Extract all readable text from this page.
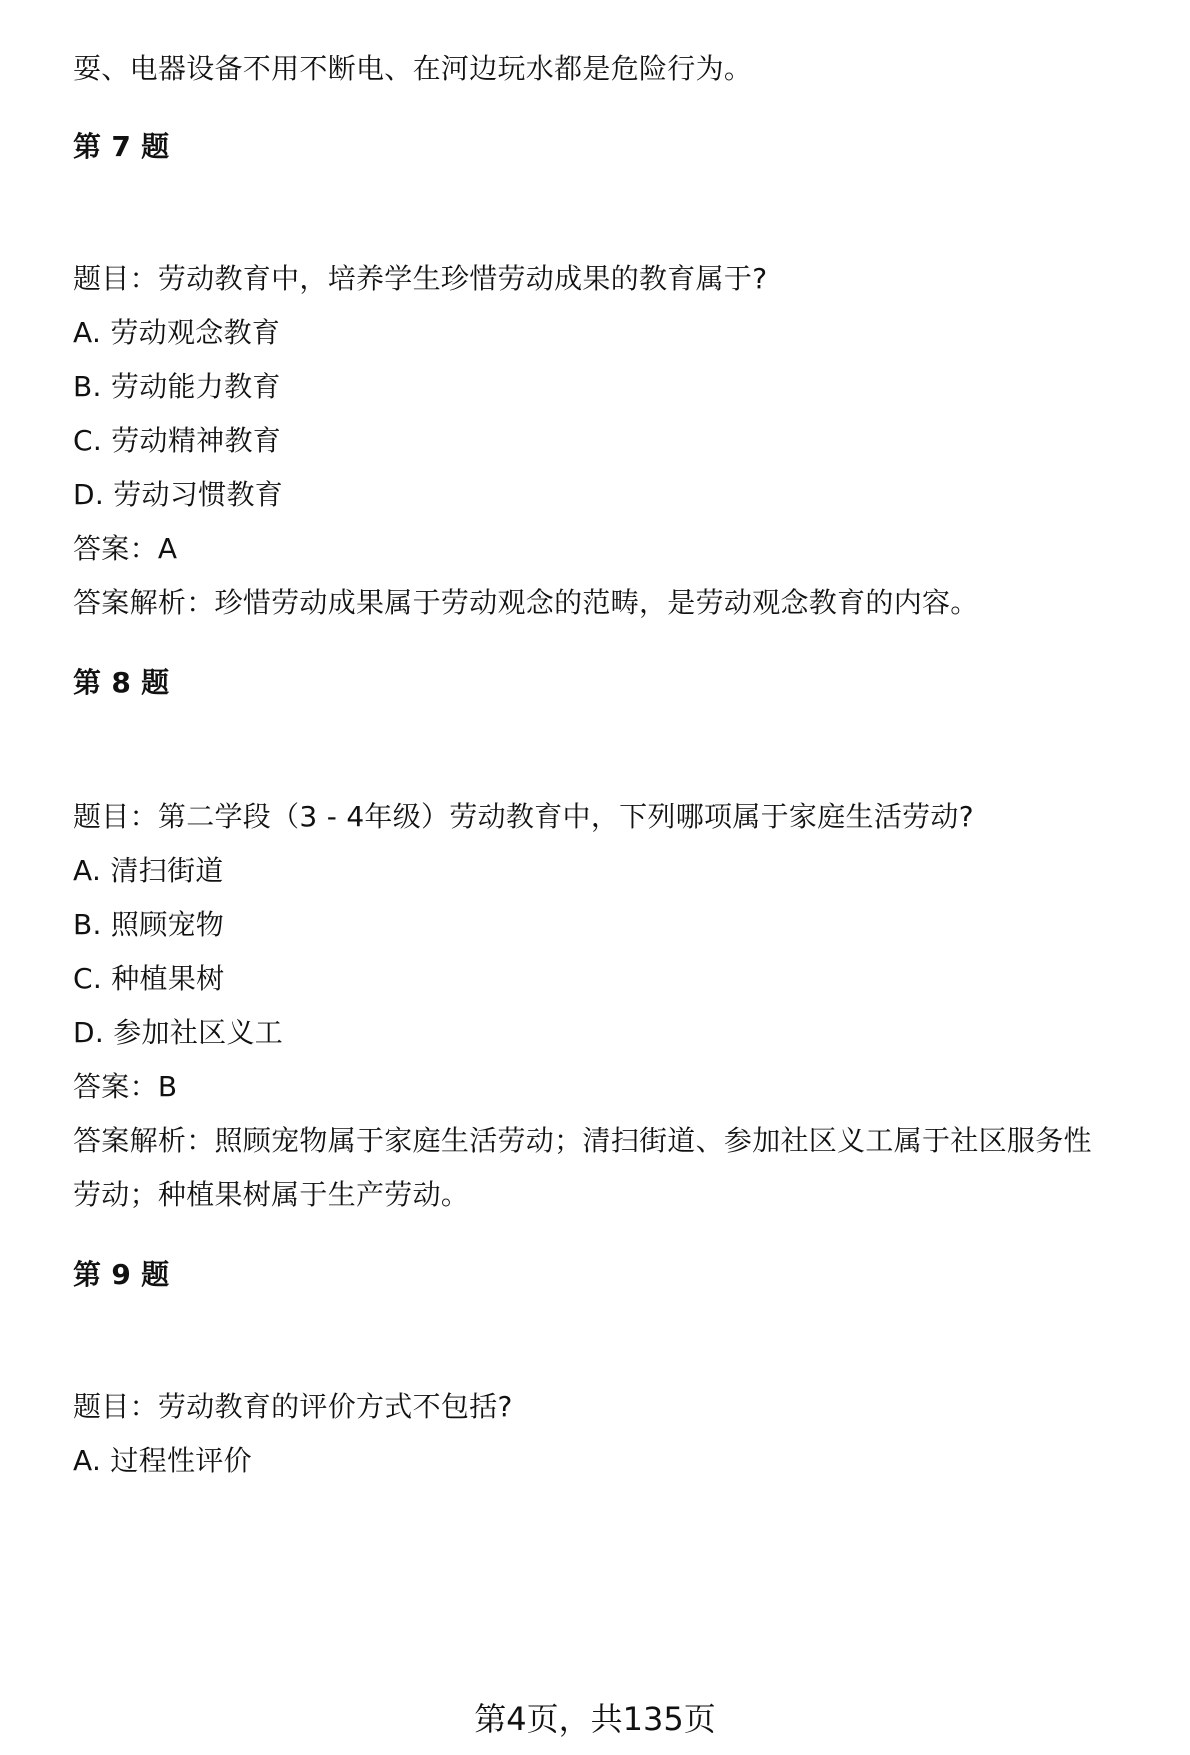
耍、电器设备不用不断电、在河边玩水都是危险行为。
第 7 题
题目：劳动教育中，培养学生珍惜劳动成果的教育属于?
A. 劳动观念教育
B. 劳动能力教育
C. 劳动精神教育
D. 劳动习惯教育
答案：A
答案解析：珍惜劳动成果属于劳动观念的范畴，是劳动观念教育的内容。
第 8 题
题目：第二学段（3 - 4年级）劳动教育中，下列哪项属于家庭生活劳动?
A. 清扫街道
B. 照顾宠物
C. 种植果树
D. 参加社区义工
答案：B
答案解析：照顾宠物属于家庭生活劳动；清扫街道、参加社区义工属于社区服务性
劳动；种植果树属于生产劳动。
第 9 题
题目：劳动教育的评价方式不包括?
A. 过程性评价
第4页，共135页
